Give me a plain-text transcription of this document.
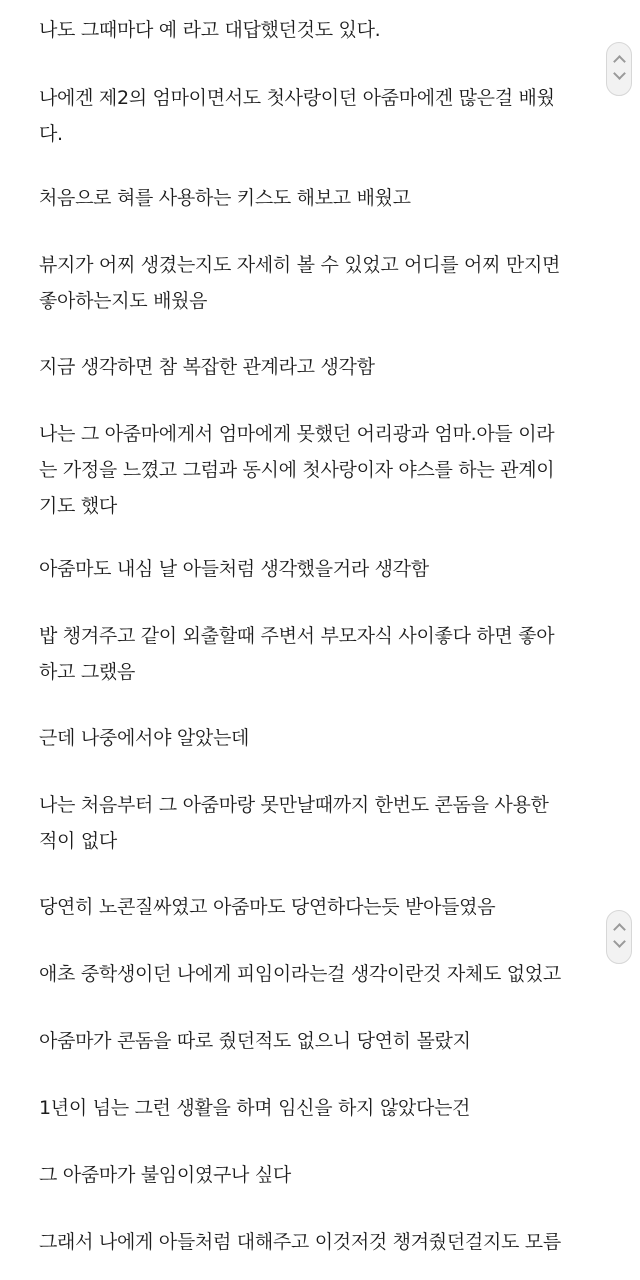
나도 그때마다 예 라고 대답했던것도 있다.

나에겐 제2의 엄마이면서도 첫사랑이던 아줌마에겐 많은걸 배웠
다.

처음으로 혀를 사용하는 키스도 해보고 배웠고

뷰지가 어찌 생겼는지도 자세히 볼 수 있었고 어디를 어찌 만지면
좋아하는지도 배웠음

지금 생각하면 참 복잡한 관계라고 생각함

나는 그 아줌마에게서 엄마에게 못했던 어리광과 엄마.아들 이라
는 가정을 느꼈고 그럼과 동시에 첫사랑이자 야스를 하는 관계이
기도 했다

아줌마도 내심 날 아들처럼 생각했을거라 생각함

밥 챙겨주고 같이 외출할때 주변서 부모자식 사이좋다 하면 좋아
하고 그랬음

근데 나중에서야 알았는데

나는 처음부터 그 아줌마랑 못만날때까지 한번도 콘돔을 사용한
적이 없다

당연히 노콘질싸였고 아줌마도 당연하다는듯 받아들였음

애초 중학생이던 나에게 피임이라는걸 생각이란것 자체도 없었고

아줌마가 콘돔을 따로 줬던적도 없으니 당연히 몰랐지

1년이 넘는 그런 생활을 하며 임신을 하지 않았다는건

그 아줌마가 불임이였구나 싶다

그래서 나에게 아들처럼 대해주고 이것저것 챙겨줬던걸지도 모름
